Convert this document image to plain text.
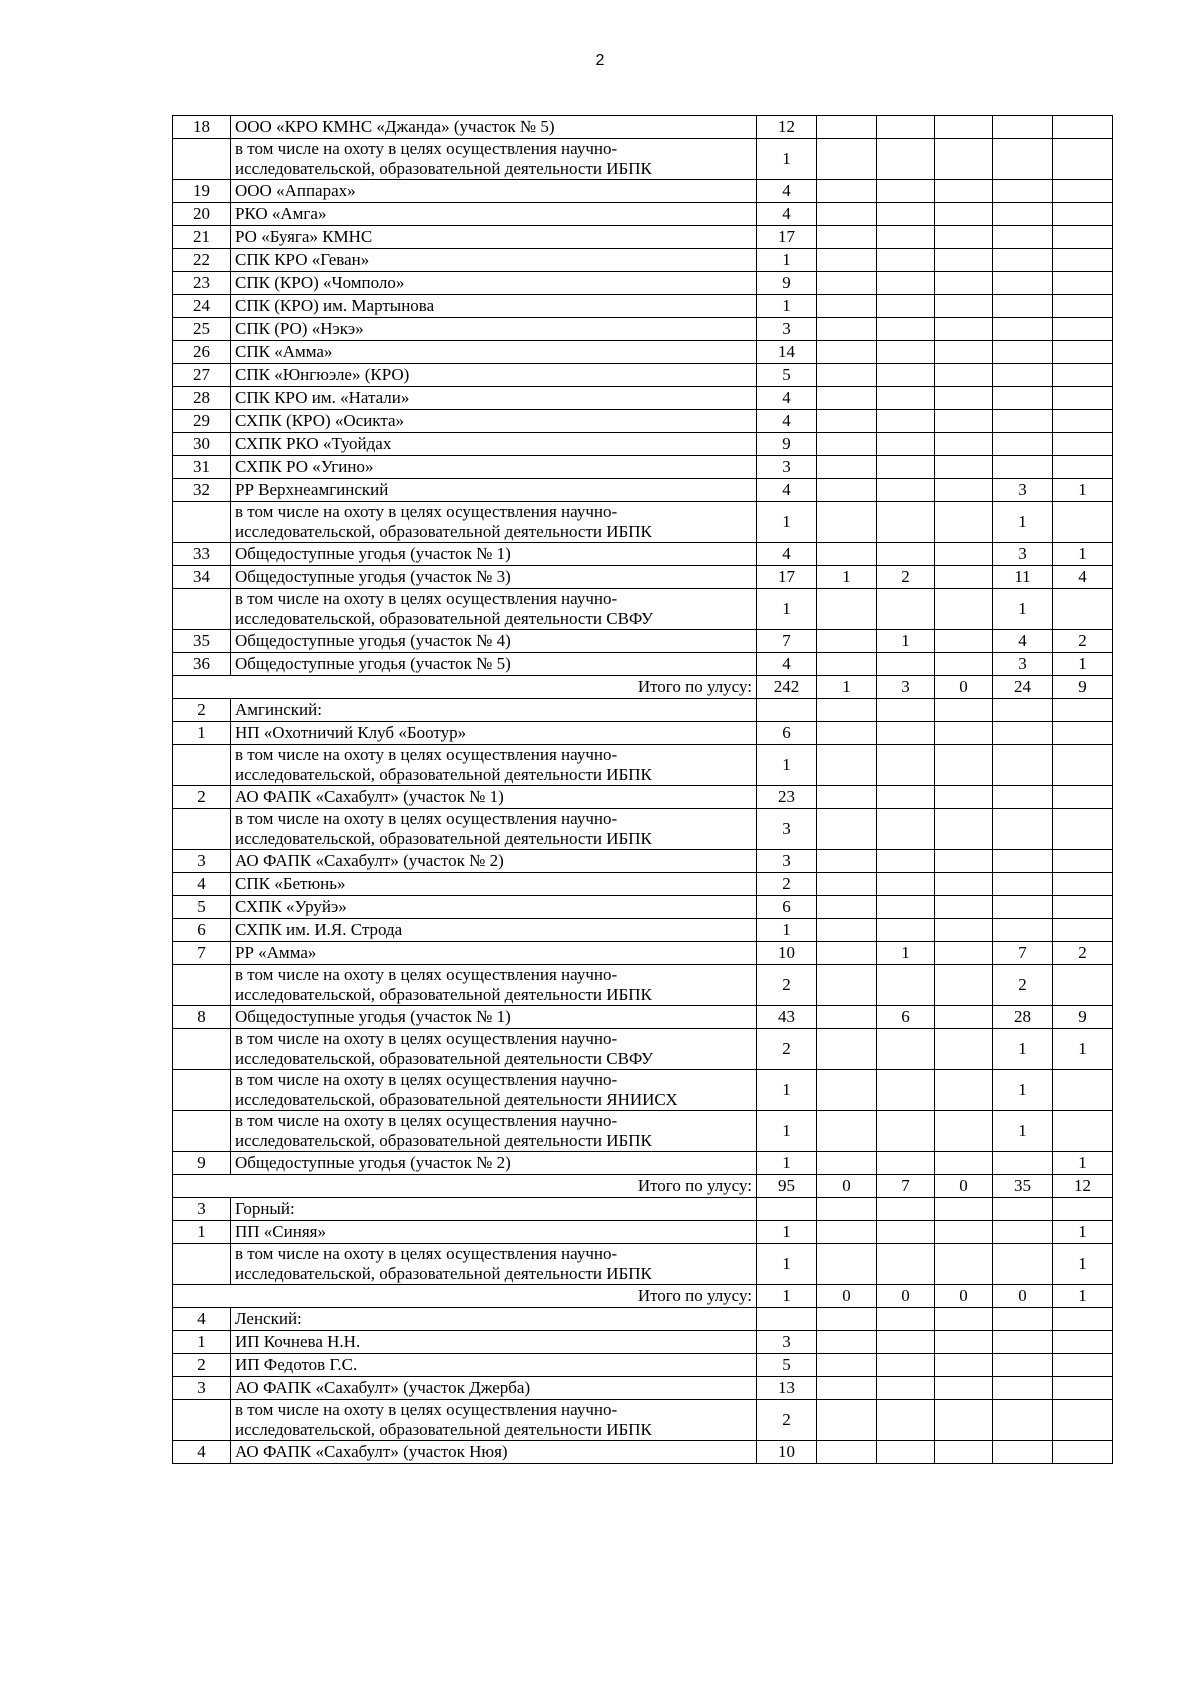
2
18	ООО «КРО КМНС «Джанда» (участок № 5)	12					
	в том числе на охоту в целях осуществления научно-исследовательской, образовательной деятельности ИБПК	1					
19	ООО «Аппарах»	4					
20	РКО «Амга»	4					
21	РО «Буяга» КМНС	17					
22	СПК КРО «Геван»	1					
23	СПК (КРО) «Чомполо»	9					
24	СПК (КРО) им. Мартынова	1					
25	СПК (РО) «Нэкэ»	3					
26	СПК «Амма»	14					
27	СПК «Юнгюэле» (КРО)	5					
28	СПК КРО им. «Натали»	4					
29	СХПК (КРО) «Осикта»	4					
30	СХПК РКО «Туойдах	9					
31	СХПК РО «Угино»	3					
32	РР Верхнеамгинский	4				3	1
	в том числе на охоту в целях осуществления научно-исследовательской, образовательной деятельности ИБПК	1				1	
33	Общедоступные угодья (участок № 1)	4				3	1
34	Общедоступные угодья (участок № 3)	17	1	2		11	4
	в том числе на охоту в целях осуществления научно-исследовательской, образовательной деятельности СВФУ	1				1	
35	Общедоступные угодья (участок № 4)	7		1		4	2
36	Общедоступные угодья (участок № 5)	4				3	1
Итого по улусу:		242	1	3	0	24	9
2	Амгинский:						
1	НП «Охотничий Клуб «Боотур»	6					
	в том числе на охоту в целях осуществления научно-исследовательской, образовательной деятельности ИБПК	1					
2	АО ФАПК «Сахабулт» (участок № 1)	23					
	в том числе на охоту в целях осуществления научно-исследовательской, образовательной деятельности ИБПК	3					
3	АО ФАПК «Сахабулт» (участок № 2)	3					
4	СПК «Бетюнь»	2					
5	СХПК «Уруйэ»	6					
6	СХПК им. И.Я. Строда	1					
7	РР «Амма»	10		1		7	2
	в том числе на охоту в целях осуществления научно-исследовательской, образовательной деятельности ИБПК	2				2	
8	Общедоступные угодья (участок № 1)	43		6		28	9
	в том числе на охоту в целях осуществления научно-исследовательской, образовательной деятельности СВФУ	2				1	1
	в том числе на охоту в целях осуществления научно-исследовательской, образовательной деятельности ЯНИИСХ	1				1	
	в том числе на охоту в целях осуществления научно-исследовательской, образовательной деятельности ИБПК	1				1	
9	Общедоступные угодья (участок № 2)	1					1
Итого по улусу:		95	0	7	0	35	12
3	Горный:						
1	ПП «Синяя»	1					1
	в том числе на охоту в целях осуществления научно-исследовательской, образовательной деятельности ИБПК	1					1
Итого по улусу:		1	0	0	0	0	1
4	Ленский:						
1	ИП Кочнева Н.Н.	3					
2	ИП Федотов Г.С.	5					
3	АО ФАПК «Сахабулт» (участок Джерба)	13					
	в том числе на охоту в целях осуществления научно-исследовательской, образовательной деятельности ИБПК	2					
4	АО ФАПК «Сахабулт» (участок Нюя)	10					
